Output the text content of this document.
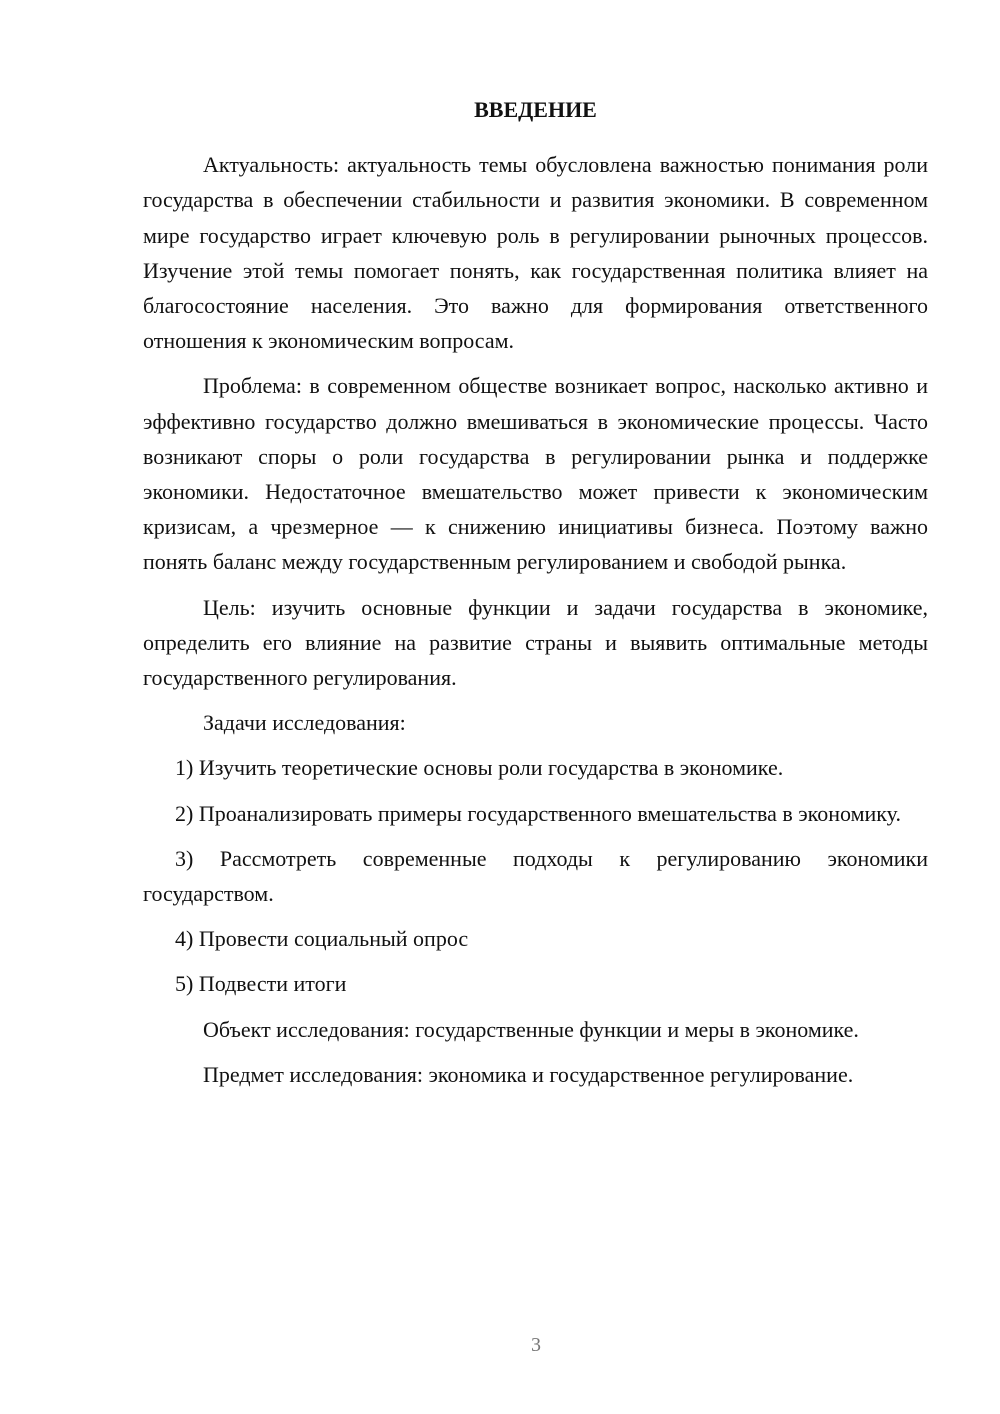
ВВЕДЕНИЕ

Актуальность: актуальность темы обусловлена важностью понимания роли государства в обеспечении стабильности и развития экономики. В современном мире государство играет ключевую роль в регулировании рыночных процессов. Изучение этой темы помогает понять, как государственная политика влияет на благосостояние населения. Это важно для формирования ответственного отношения к экономическим вопросам.

Проблема: в современном обществе возникает вопрос, насколько активно и эффективно государство должно вмешиваться в экономические процессы. Часто возникают споры о роли государства в регулировании рынка и поддержке экономики. Недостаточное вмешательство может привести к экономическим кризисам, а чрезмерное — к снижению инициативы бизнеса. Поэтому важно понять баланс между государственным регулированием и свободой рынка.

Цель: изучить основные функции и задачи государства в экономике, определить его влияние на развитие страны и выявить оптимальные методы государственного регулирования.

Задачи исследования:

1) Изучить теоретические основы роли государства в экономике.

2) Проанализировать примеры государственного вмешательства в экономику.

3) Рассмотреть современные подходы к регулированию экономики государством.

4) Провести социальный опрос

5) Подвести итоги

Объект исследования: государственные функции и меры в экономике.

Предмет исследования: экономика и государственное регулирование.

3
